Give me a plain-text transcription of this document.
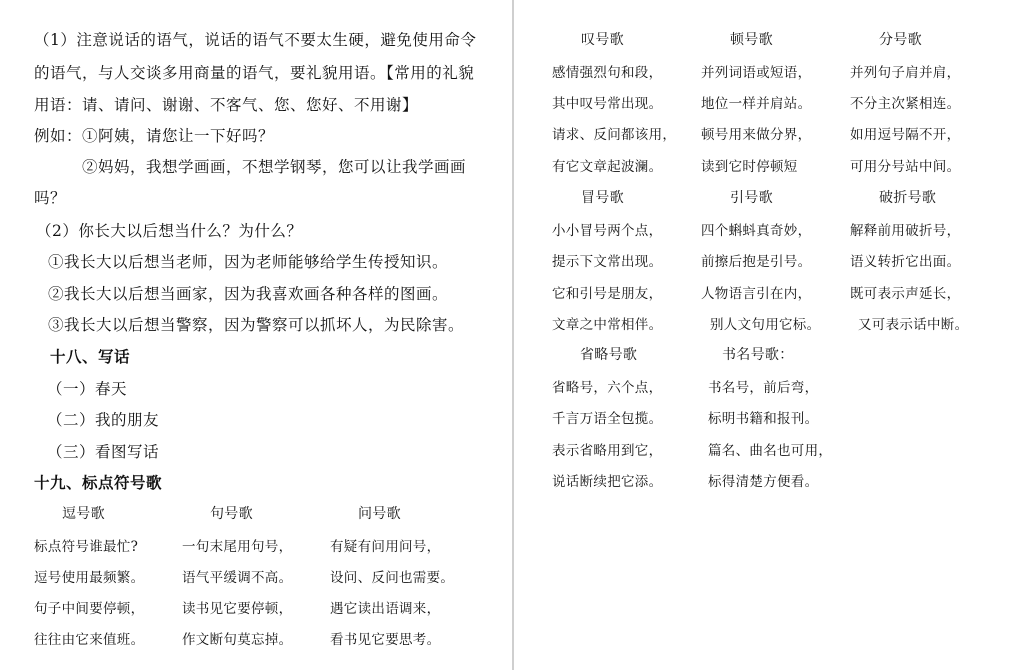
（1）注意说话的语气，说话的语气不要太生硬，避免使用命令
的语气，与人交谈多用商量的语气，要礼貌用语。【常用的礼貌
用语：请、请问、谢谢、不客气、您、您好、不用谢】
例如：①阿姨，请您让一下好吗？
②妈妈，我想学画画，不想学钢琴，您可以让我学画画
吗？
（2）你长大以后想当什么？为什么？
①我长大以后想当老师，因为老师能够给学生传授知识。
②我长大以后想当画家，因为我喜欢画各种各样的图画。
③我长大以后想当警察，因为警察可以抓坏人，为民除害。
十八、写话
（一）春天
（二）我的朋友
（三）看图写话
十九、标点符号歌
逗号歌
标点符号谁最忙?
逗号使用最频繁。
句子中间要停顿，
往往由它来值班。
句号歌
一句末尾用句号，
语气平缓调不高。
读书见它要停顿，
作文断句莫忘掉。
问号歌
有疑有问用问号，
设问、反问也需要。
遇它读出语调来，
看书见它要思考。
叹号歌
感情强烈句和段，
其中叹号常出现。
请求、反问都该用，
有它文章起波澜。
顿号歌
并列词语或短语，
地位一样并肩站。
顿号用来做分界，
读到它时停顿短
分号歌
并列句子肩并肩，
不分主次紧相连。
如用逗号隔不开，
可用分号站中间。
冒号歌
小小冒号两个点，
提示下文常出现。
它和引号是朋友，
文章之中常相伴。
引号歌
四个蝌蚪真奇妙，
前擦后抱是引号。
人物语言引在内，
别人文句用它标。
破折号歌
解释前用破折号，
语义转折它出面。
既可表示声延长，
又可表示话中断。
省略号歌
省略号，六个点，
千言万语全包揽。
表示省略用到它，
说话断续把它添。
书名号歌：
书名号，前后弯，
标明书籍和报刊。
篇名、曲名也可用，
标得清楚方便看。
